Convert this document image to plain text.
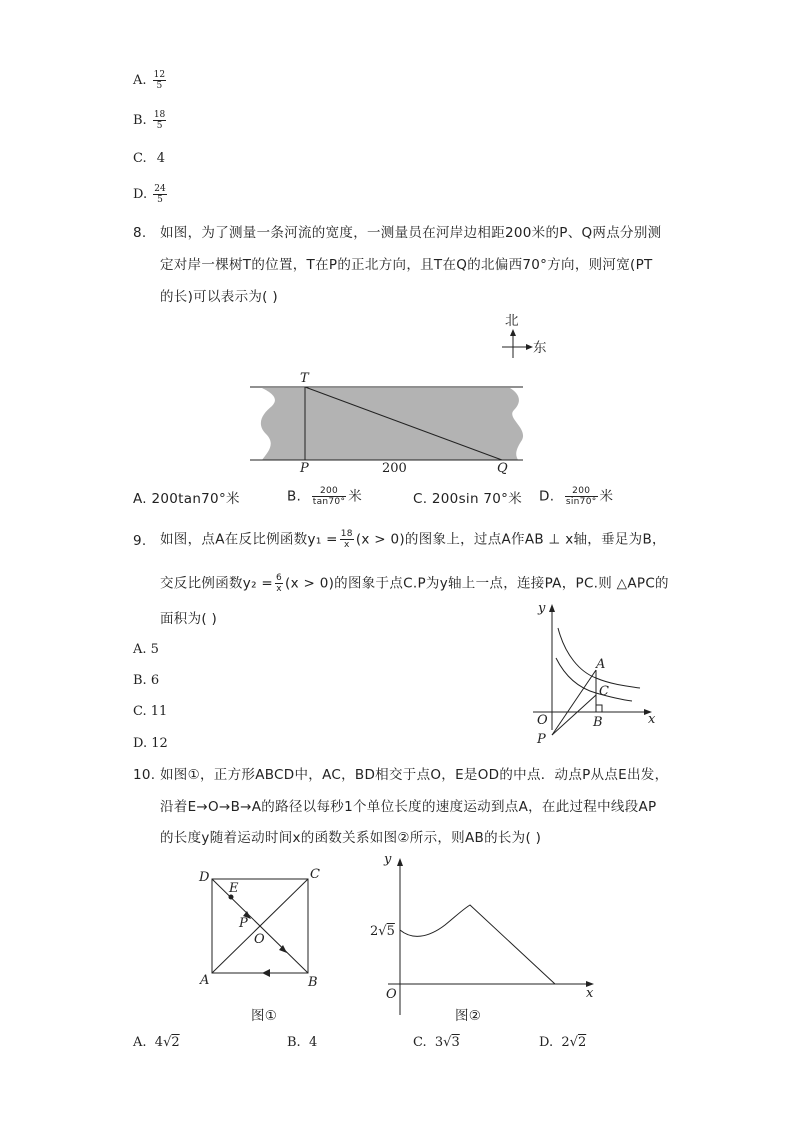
A. $\frac{12}{5}$
B. $\frac{18}{5}$
C. 4
D. $\frac{24}{5}$
8. 如图，为了测量一条河流的宽度，一测量员在河岸边相距200米的P、Q两点分别测
定对岸一棵树T的位置，T在P的正北方向，且T在Q的北偏西70°方向，则河宽(PT
的长)可以表示为( )
北
东
T
P	200	Q
A. 200tan70°米	B. $\frac{200}{\tan 70^\circ}$ 米	C. 200sin 70°米 D. $\frac{200}{\sin 70^\circ}$ 米
9. 如图，点A在反比例函数$y_1 = \frac{18}{x} (x > 0)$的图象上，过点A作AB ⊥ x轴，垂足为B，
交反比例函数$y_2 = \frac{6}{x} (x > 0)$的图象于点C.P为y轴上一点，连接PA，PC.则 △APC的
面积为( )
A. 5
B. 6
C. 11
D. 12
y
x
A
C
O	B
P
10. 如图①，正方形ABCD中，AC，BD相交于点O，E是OD的中点．动点P从点E出发，
沿着E→O→B→A的路径以每秒1个单位长度的速度运动到点A，在此过程中线段AP
的长度y随着运动时间x的函数关系如图②所示，则AB的长为( )
D	C
E
P
O
A	B
图①
y
x
O
2√5
图②
A. 4√2	B. 4	C. 3√3	D. 2√2
